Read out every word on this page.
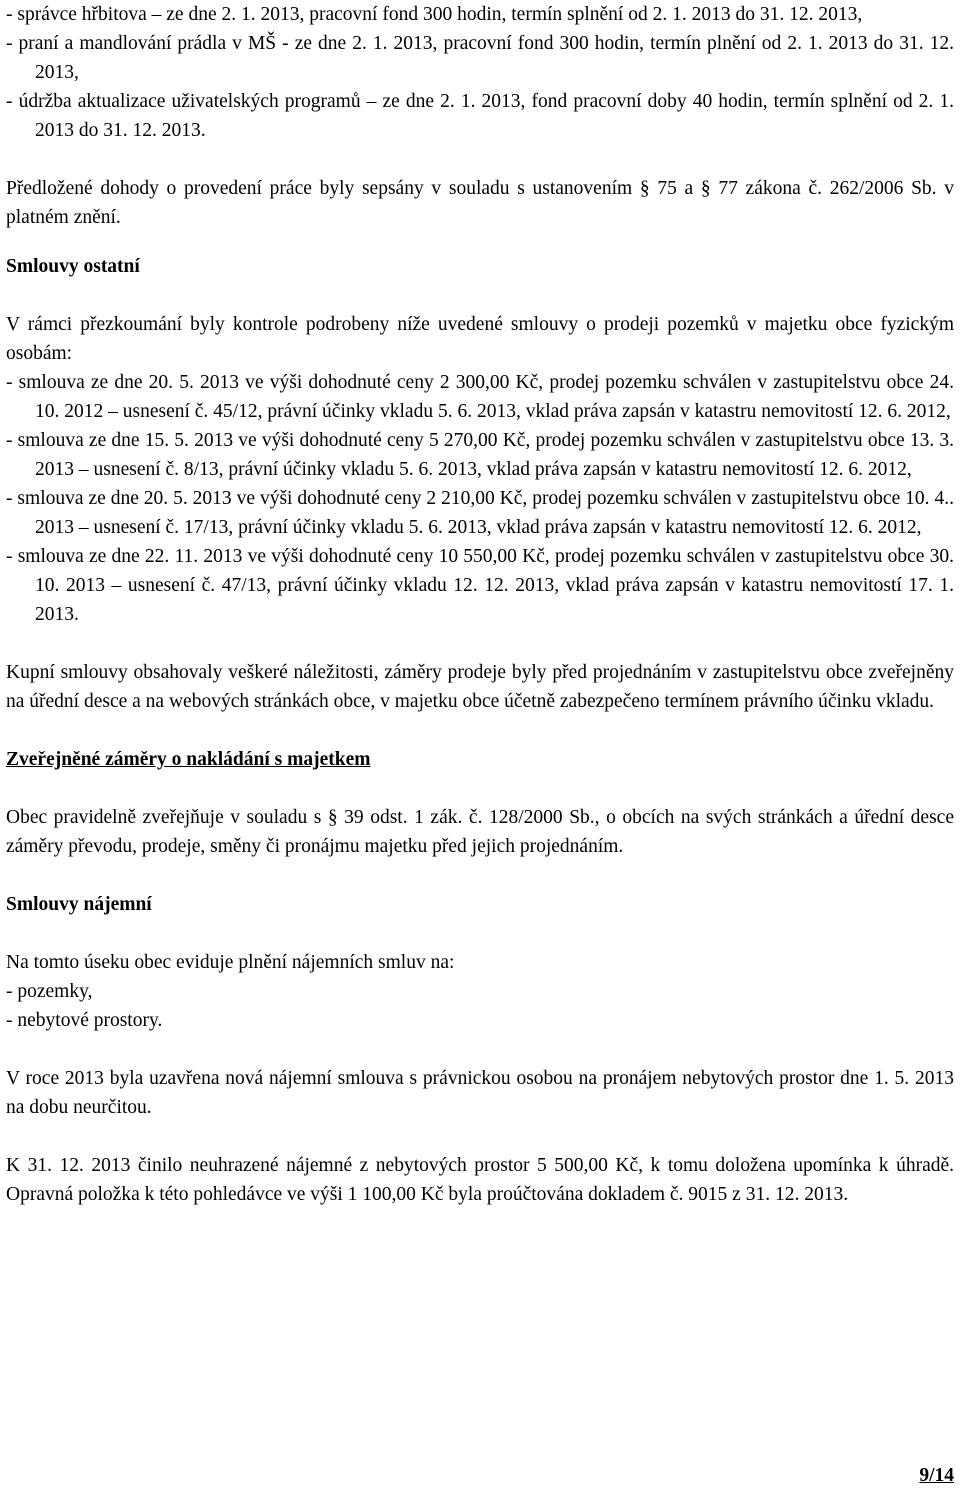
- správce hřbitova – ze dne 2. 1. 2013, pracovní fond 300 hodin, termín splnění od 2. 1. 2013 do 31. 12. 2013,

- praní a mandlování prádla v MŠ - ze dne 2. 1. 2013, pracovní fond 300 hodin, termín plnění od 2. 1. 2013 do 31. 12. 2013,

- údržba aktualizace uživatelských programů – ze dne 2. 1. 2013, fond pracovní doby 40 hodin, termín splnění od 2. 1. 2013 do 31. 12. 2013.

Předložené dohody o provedení práce byly sepsány v souladu s ustanovením § 75 a § 77 zákona č. 262/2006 Sb. v platném znění.

Smlouvy ostatní

V rámci přezkoumání byly kontrole podrobeny níže uvedené smlouvy o prodeji pozemků v majetku obce fyzickým osobám:

- smlouva ze dne 20. 5. 2013 ve výši dohodnuté ceny 2 300,00 Kč, prodej pozemku schválen v zastupitelstvu obce 24. 10. 2012 – usnesení č. 45/12, právní účinky vkladu 5. 6. 2013, vklad práva zapsán v katastru nemovitostí 12. 6. 2012,

- smlouva ze dne 15. 5. 2013 ve výši dohodnuté ceny 5 270,00 Kč, prodej pozemku schválen v zastupitelstvu obce 13. 3. 2013 – usnesení č. 8/13, právní účinky vkladu 5. 6. 2013, vklad práva zapsán v katastru nemovitostí 12. 6. 2012,

- smlouva ze dne 20. 5. 2013 ve výši dohodnuté ceny 2 210,00 Kč, prodej pozemku schválen v zastupitelstvu obce 10. 4.. 2013 – usnesení č. 17/13, právní účinky vkladu 5. 6. 2013, vklad práva zapsán v katastru nemovitostí 12. 6. 2012,

- smlouva ze dne 22. 11. 2013 ve výši dohodnuté ceny 10 550,00 Kč, prodej pozemku schválen v zastupitelstvu obce 30. 10. 2013 – usnesení č. 47/13, právní účinky vkladu 12. 12. 2013, vklad práva zapsán v katastru nemovitostí 17. 1. 2013.

Kupní smlouvy obsahovaly veškeré náležitosti, záměry prodeje byly před projednáním v zastupitelstvu obce zveřejněny na úřední desce a na webových stránkách obce, v majetku obce účetně zabezpečeno termínem právního účinku vkladu.

Zveřejněné záměry o nakládání s majetkem

Obec pravidelně zveřejňuje v souladu s § 39 odst. 1 zák. č. 128/2000 Sb., o obcích na svých stránkách a úřední desce záměry převodu, prodeje, směny či pronájmu majetku před jejich projednáním.

Smlouvy nájemní

Na tomto úseku obec eviduje plnění nájemních smluv na:

- pozemky,

- nebytové prostory.

V roce 2013 byla uzavřena nová nájemní smlouva s právnickou osobou na pronájem nebytových prostor dne 1. 5. 2013 na dobu neurčitou.

K 31. 12. 2013 činilo neuhrazené nájemné z nebytových prostor 5 500,00 Kč, k tomu doložena upomínka k úhradě. Opravná položka k této pohledávce ve výši 1 100,00 Kč byla proúčtována dokladem č. 9015 z 31. 12. 2013.

9/14
